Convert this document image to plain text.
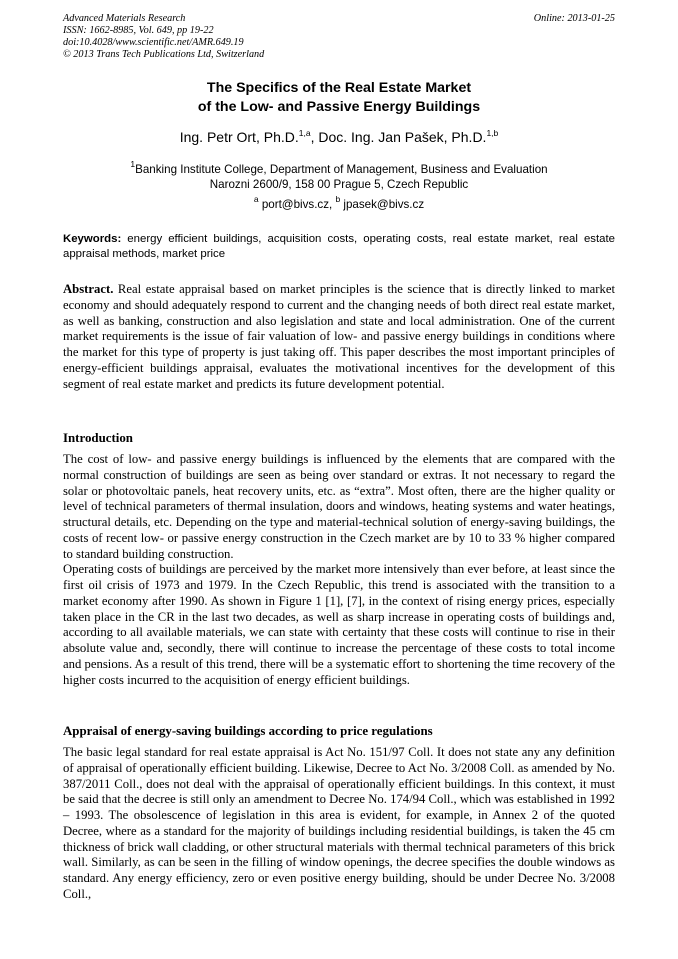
Advanced Materials Research
ISSN: 1662-8985, Vol. 649, pp 19-22
doi:10.4028/www.scientific.net/AMR.649.19
© 2013 Trans Tech Publications Ltd, Switzerland
Online: 2013-01-25
The Specifics of the Real Estate Market
of the Low- and Passive Energy Buildings
Ing. Petr Ort, Ph.D.$^{1,a}$, Doc. Ing. Jan Pašek, Ph.D.$^{1,b}$
$^1$Banking Institute College, Department of Management, Business and Evaluation
Narozni 2600/9, 158 00 Prague 5, Czech Republic
$^a$ port@bivs.cz, $^b$ jpasek@bivs.cz
Keywords: energy efficient buildings, acquisition costs, operating costs, real estate market, real estate appraisal methods, market price
Abstract. Real estate appraisal based on market principles is the science that is directly linked to market economy and should adequately respond to current and the changing needs of both direct real estate market, as well as banking, construction and also legislation and state and local administration. One of the current market requirements is the issue of fair valuation of low- and passive energy buildings in conditions where the market for this type of property is just taking off. This paper describes the most important principles of energy-efficient buildings appraisal, evaluates the motivational incentives for the development of this segment of real estate market and predicts its future development potential.
Introduction

The cost of low- and passive energy buildings is influenced by the elements that are compared with the normal construction of buildings are seen as being over standard or extras. It not necessary to regard the solar or photovoltaic panels, heat recovery units, etc. as “extra”. Most often, there are the higher quality or level of technical parameters of thermal insulation, doors and windows, heating systems and water heatings, structural details, etc. Depending on the type and material-technical solution of energy-saving buildings, the costs of recent low- or passive energy construction in the Czech market are by 10 to 33 % higher compared to standard building construction.

Operating costs of buildings are perceived by the market more intensively than ever before, at least since the first oil crisis of 1973 and 1979. In the Czech Republic, this trend is associated with the transition to a market economy after 1990. As shown in Figure 1 [1], [7], in the context of rising energy prices, especially taken place in the CR in the last two decades, as well as sharp increase in operating costs of buildings and, according to all available materials, we can state with certainty that these costs will continue to rise in their absolute value and, secondly, there will continue to increase the percentage of these costs to total income and pensions. As a result of this trend, there will be a systematic effort to shortening the time recovery of the higher costs incurred to the acquisition of energy efficient buildings.

Appraisal of energy-saving buildings according to price regulations
The basic legal standard for real estate appraisal is Act No. 151/97 Coll. It does not state any any definition of appraisal of operationally efficient building. Likewise, Decree to Act No. 3/2008 Coll. as amended by No. 387/2011 Coll., does not deal with the appraisal of operationally efficient buildings. In this context, it must be said that the decree is still only an amendment to Decree No. 174/94 Coll., which was established in 1992 – 1993. The obsolescence of legislation in this area is evident, for example, in Annex 2 of the quoted Decree, where as a standard for the majority of buildings including residential buildings, is taken the 45 cm thickness of brick wall cladding, or other structural materials with thermal technical parameters of this brick wall. Similarly, as can be seen in the filling of window openings, the decree specifies the double windows as standard. Any energy efficiency, zero or even positive energy building, should be under Decree No. 3/2008 Coll.,
